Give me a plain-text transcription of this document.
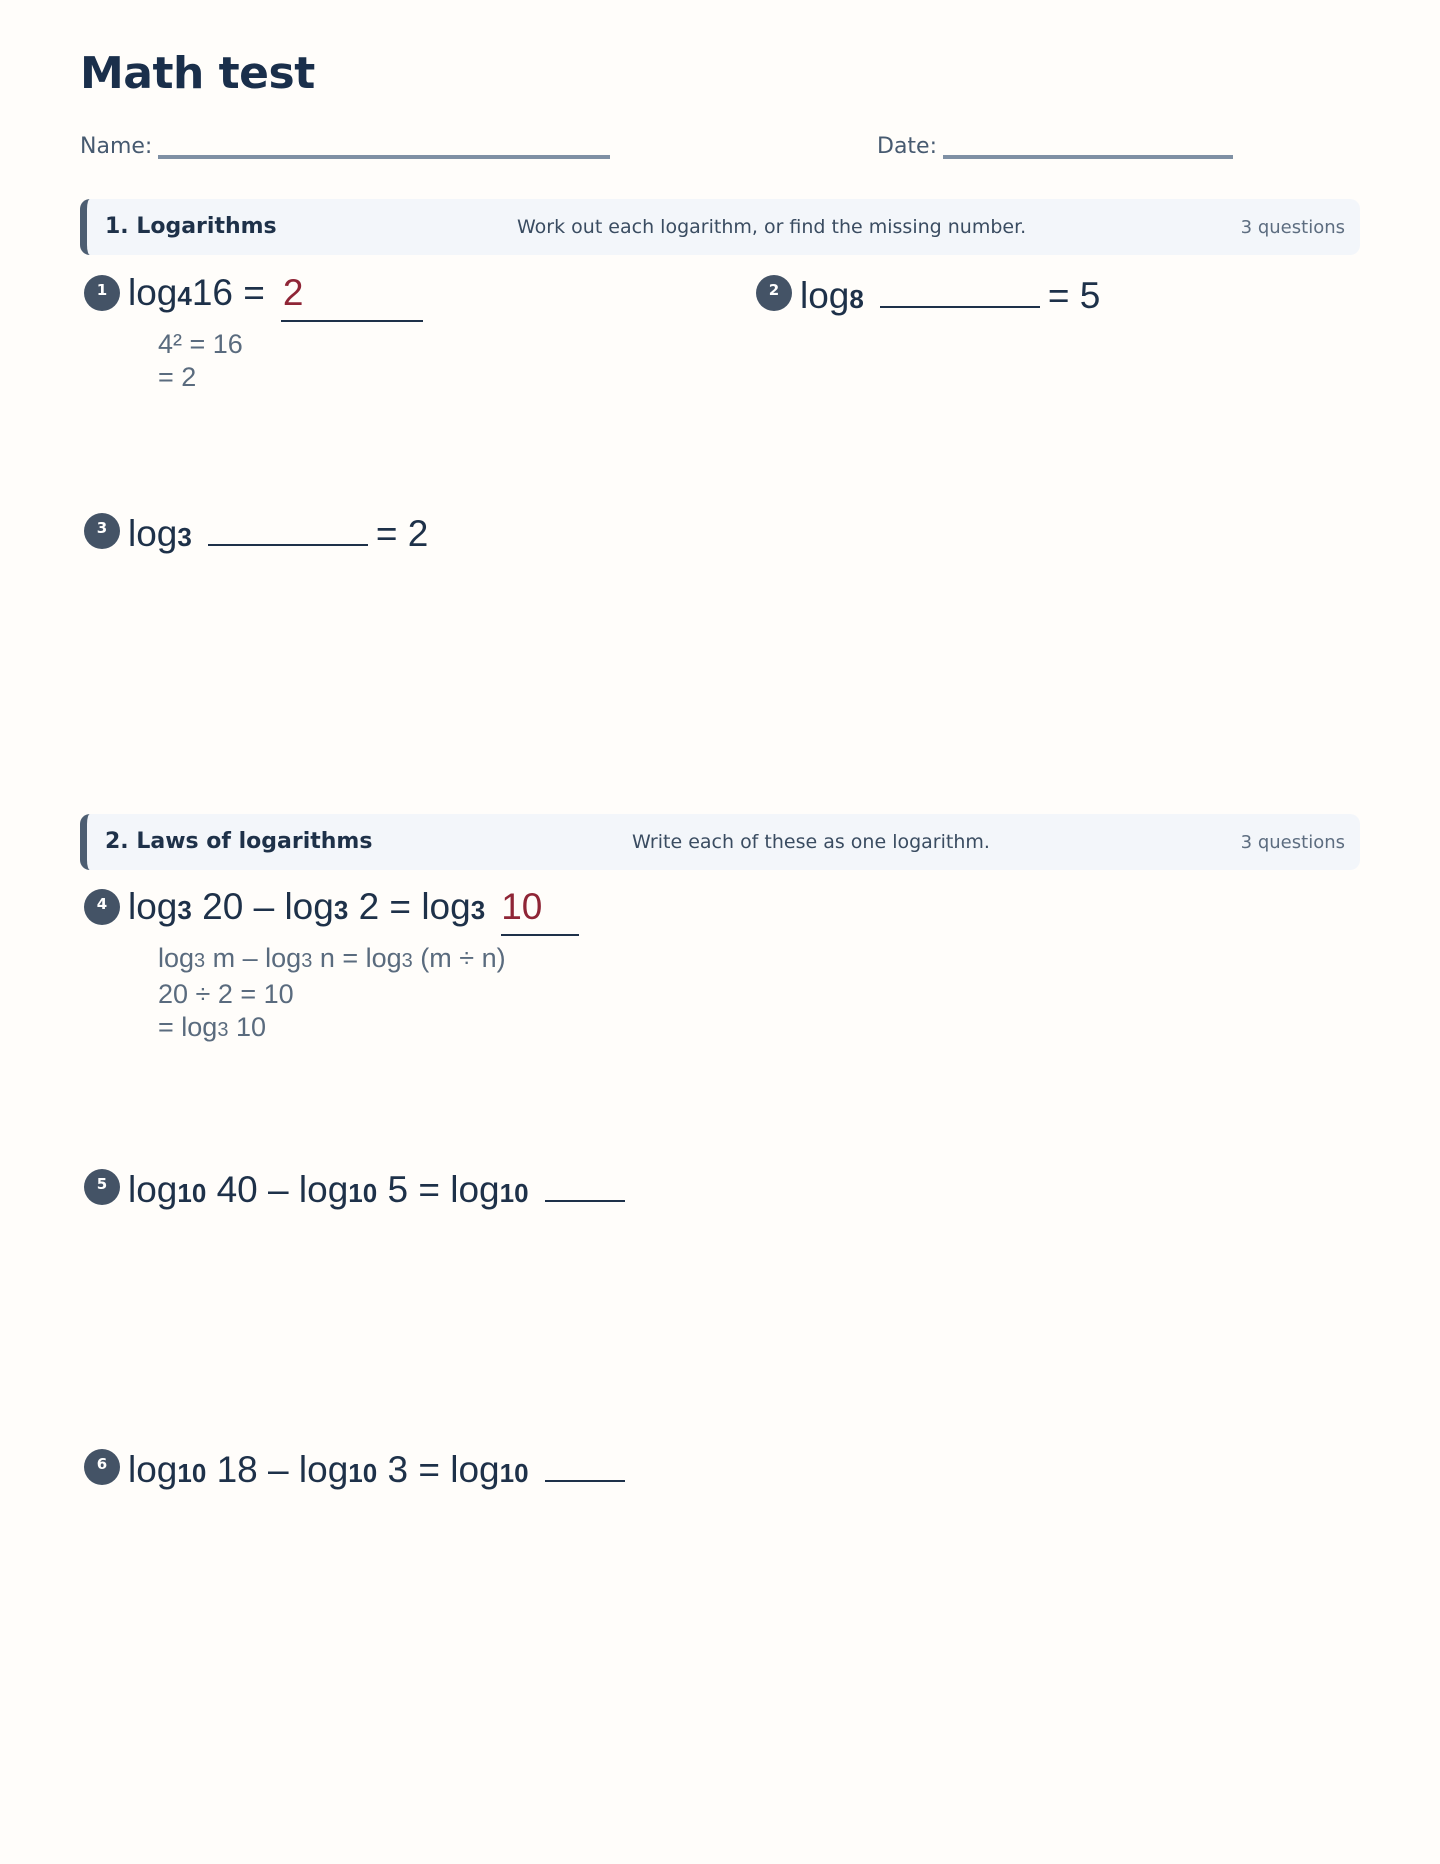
Math test
Name:	Date:
1. Logarithms	Work out each logarithm, or find the missing number.	3 questions
1 log 4 16 = 2
4² = 16
= 2
2 log 8	= 5
3 log 3	= 2
2. Laws of logarithms	Write each of these as one logarithm.	3 questions
4 log 3 20 – log 3 2 = log 3 10
log3 m – log3 n = log3 (m ÷ n)
20 ÷ 2 = 10
= log3 10
5 log 10 40 – log 10 5 = log 10
6 log 10 18 – log 10 3 = log 10
